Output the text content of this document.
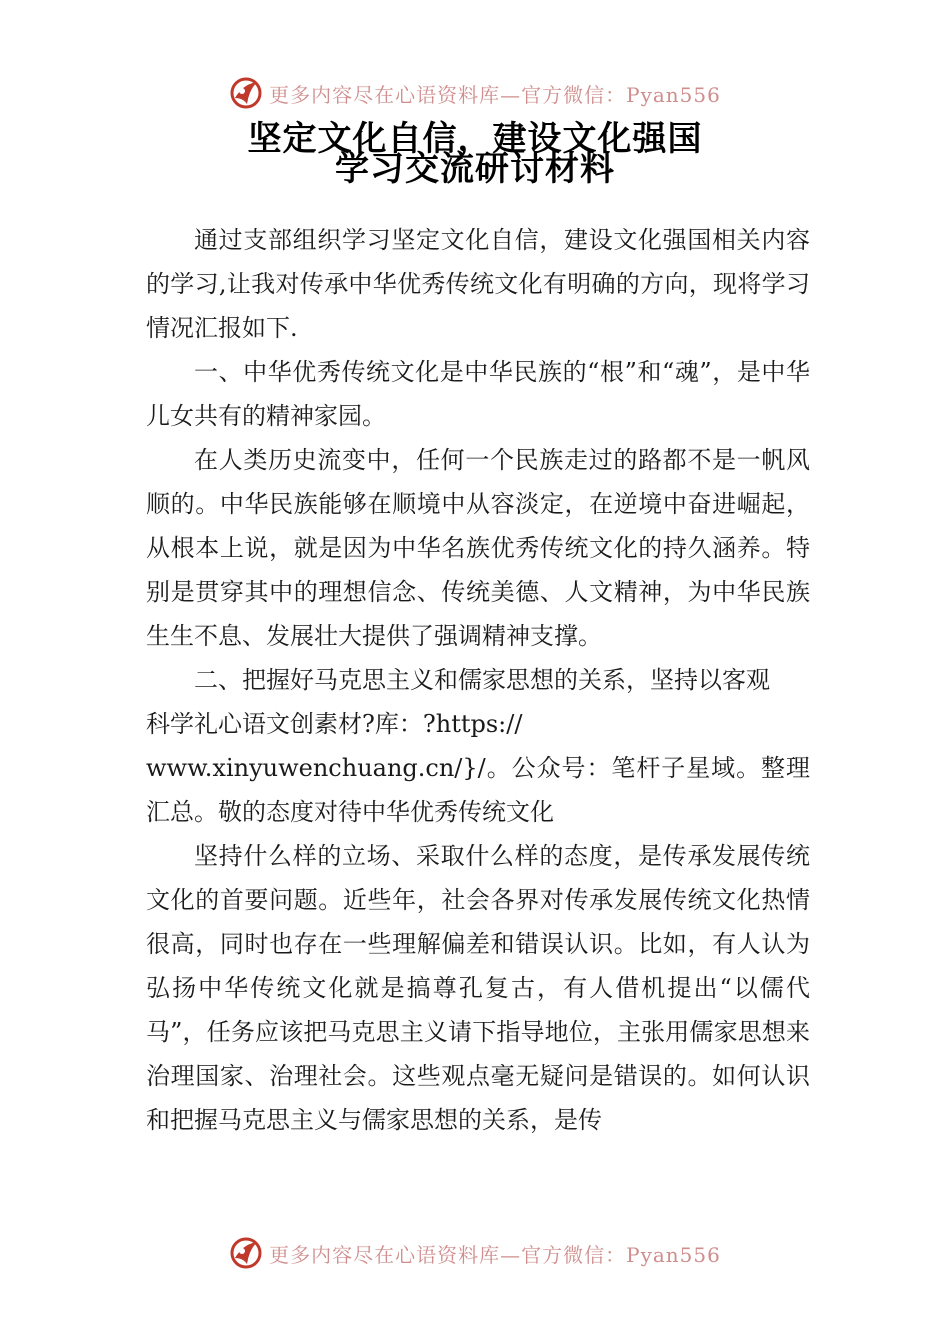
更多内容尽在心语资料库—官方微信：Pyan556
坚定文化自信，建设文化强国
学习交流研讨材料

通过支部组织学习坚定文化自信，建设文化强国相关内容的学习,让我对传承中华优秀传统文化有明确的方向，现将学习情况汇报如下.

一、中华优秀传统文化是中华民族的“根”和“魂”，是中华儿女共有的精神家园。

在人类历史流变中，任何一个民族走过的路都不是一帆风顺的。中华民族能够在顺境中从容淡定，在逆境中奋进崛起，从根本上说，就是因为中华名族优秀传统文化的持久涵养。特别是贯穿其中的理想信念、传统美德、人文精神，为中华民族生生不息、发展壮大提供了强调精神支撑。

二、把握好马克思主义和儒家思想的关系，坚持以客观

科学礼心语文创素材?库：?https://

www.xinyuwenchuang.cn/}/。公众号：笔杆子星域。整理汇总。敬的态度对待中华优秀传统文化

坚持什么样的立场、采取什么样的态度，是传承发展传统文化的首要问题。近些年，社会各界对传承发展传统文化热情很高，同时也存在一些理解偏差和错误认识。比如，有人认为弘扬中华传统文化就是搞尊孔复古，有人借机提出“以儒代马”，任务应该把马克思主义请下指导地位，主张用儒家思想来治理国家、治理社会。这些观点毫无疑问是错误的。如何认识和把握马克思主义与儒家思想的关系，是传

更多内容尽在心语资料库—官方微信：Pyan556
